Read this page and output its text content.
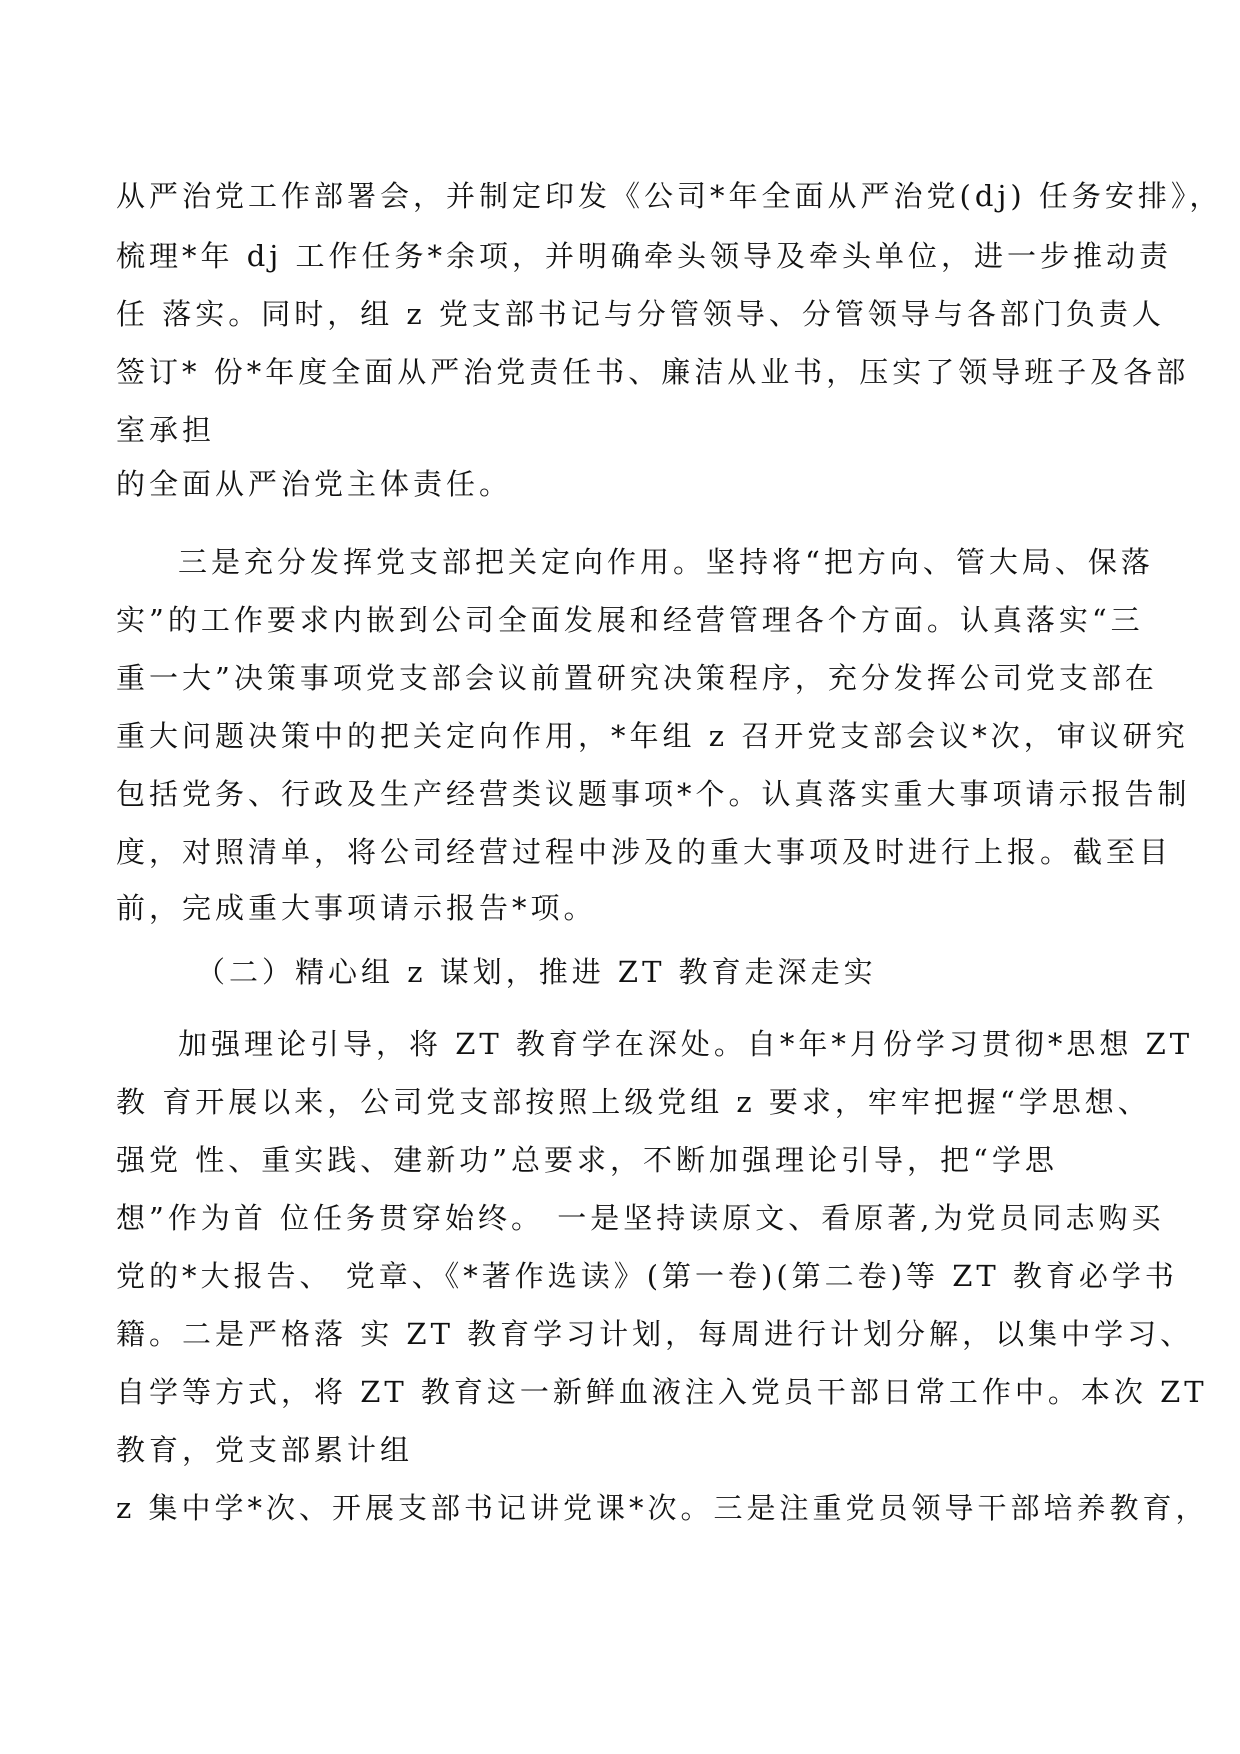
从严治党工作部署会，并制定印发《公司*年全面从严治党(dj) 任务安排》，
梳理*年 dj 工作任务*余项，并明确牵头领导及牵头单位，进一步推动责
任 落实。同时，组 z 党支部书记与分管领导、分管领导与各部门负责人
签订* 份*年度全面从严治党责任书、廉洁从业书，压实了领导班子及各部
室承担
的全面从严治党主体责任。
三是充分发挥党支部把关定向作用。坚持将“把方向、管大局、保落
实”的工作要求内嵌到公司全面发展和经营管理各个方面。认真落实“三
重一大”决策事项党支部会议前置研究决策程序，充分发挥公司党支部在
重大问题决策中的把关定向作用，*年组 z 召开党支部会议*次，审议研究
包括党务、行政及生产经营类议题事项*个。认真落实重大事项请示报告制
度，对照清单，将公司经营过程中涉及的重大事项及时进行上报。截至目
前，完成重大事项请示报告*项。
（二）精心组 z 谋划，推进 ZT 教育走深走实
加强理论引导，将 ZT 教育学在深处。自*年*月份学习贯彻*思想 ZT
教 育开展以来，公司党支部按照上级党组 z 要求，牢牢把握“学思想、
强党 性、重实践、建新功”总要求，不断加强理论引导，把“学思
想”作为首 位任务贯穿始终。 一是坚持读原文、看原著,为党员同志购买
党的*大报告、 党章、《*著作选读》(第一卷)(第二卷)等 ZT 教育必学书
籍。二是严格落 实 ZT 教育学习计划，每周进行计划分解，以集中学习、
自学等方式，将 ZT 教育这一新鲜血液注入党员干部日常工作中。本次 ZT
教育，党支部累计组
z 集中学*次、开展支部书记讲党课*次。三是注重党员领导干部培养教育，
